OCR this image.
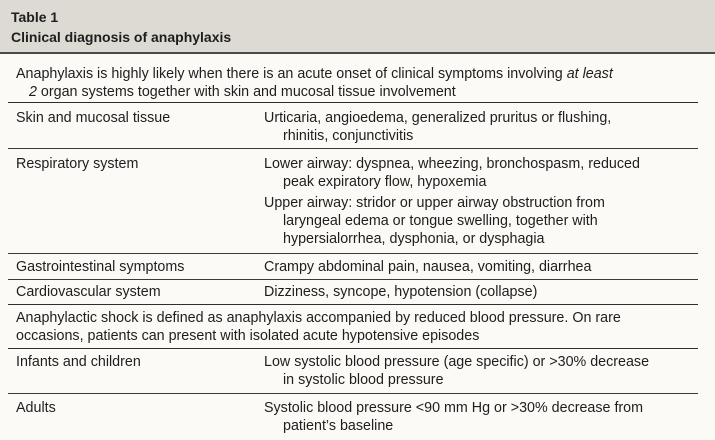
Table 1
Clinical diagnosis of anaphylaxis
Anaphylaxis is highly likely when there is an acute onset of clinical symptoms involving at least
2 organ systems together with skin and mucosal tissue involvement
Skin and mucosal tissue	Urticaria, angioedema, generalized pruritus or flushing,
rhinitis, conjunctivitis
Respiratory system	Lower airway: dyspnea, wheezing, bronchospasm, reduced
peak expiratory flow, hypoxemia
Upper airway: stridor or upper airway obstruction from
laryngeal edema or tongue swelling, together with
hypersialorrhea, dysphonia, or dysphagia
Gastrointestinal symptoms	Crampy abdominal pain, nausea, vomiting, diarrhea
Cardiovascular system	Dizziness, syncope, hypotension (collapse)
Anaphylactic shock is defined as anaphylaxis accompanied by reduced blood pressure. On rare
occasions, patients can present with isolated acute hypotensive episodes
Infants and children	Low systolic blood pressure (age specific) or >30% decrease
in systolic blood pressure
Adults	Systolic blood pressure <90 mm Hg or >30% decrease from
patient’s baseline
